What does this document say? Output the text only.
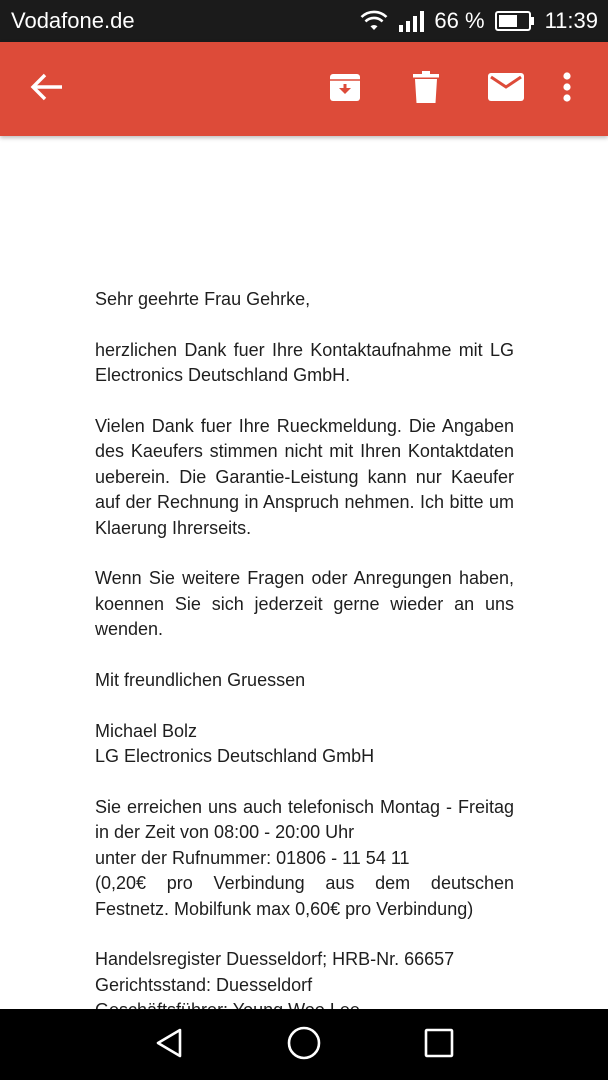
Vodafone.de	66 %	11:39

Sehr geehrte Frau Gehrke,

herzlichen Dank fuer Ihre Kontaktaufnahme mit LG Electronics Deutschland GmbH.

Vielen Dank fuer Ihre Rueckmeldung. Die Angaben des Kaeufers stimmen nicht mit Ihren Kontaktdaten ueberein. Die Garantie-Leistung kann nur Kaeufer auf der Rechnung in Anspruch nehmen. Ich bitte um Klaerung Ihrerseits.

Wenn Sie weitere Fragen oder Anregungen haben, koennen Sie sich jederzeit gerne wieder an uns wenden.

Mit freundlichen Gruessen

Michael Bolz
LG Electronics Deutschland GmbH

Sie erreichen uns auch telefonisch Montag - Freitag in der Zeit von 08:00 - 20:00 Uhr
unter der Rufnummer: 01806 - 11 54 11
(0,20€ pro Verbindung aus dem deutschen Festnetz. Mobilfunk max 0,60€ pro Verbindung)

Handelsregister Duesseldorf; HRB-Nr. 66657
Gerichtsstand: Duesseldorf
